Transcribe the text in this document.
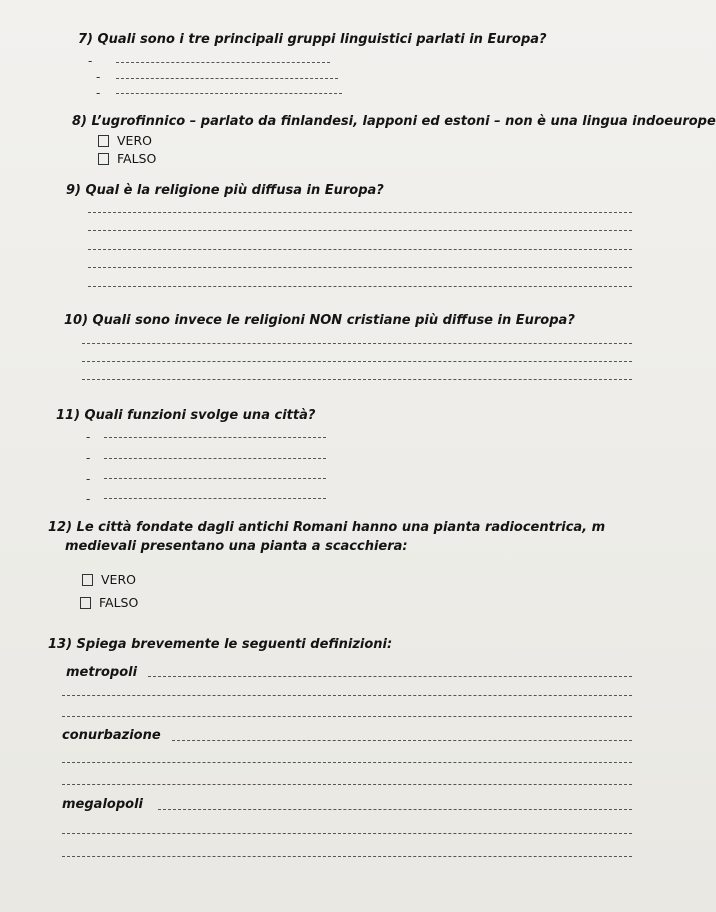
7) Quali sono i tre principali gruppi linguistici parlati in Europa?
-
-
-
8) L’ugrofinnico – parlato da finlandesi, lapponi ed estoni – non è una lingua indoeurope
VERO
FALSO
9) Qual è la religione più diffusa in Europa?
10) Quali sono invece le religioni NON cristiane più diffuse in Europa?
11) Quali funzioni svolge una città?
-
-
-
-
12) Le città fondate dagli antichi Romani hanno una pianta radiocentrica, m
medievali presentano una pianta a scacchiera:
VERO
FALSO
13) Spiega brevemente le seguenti definizioni:
metropoli
conurbazione
megalopoli
